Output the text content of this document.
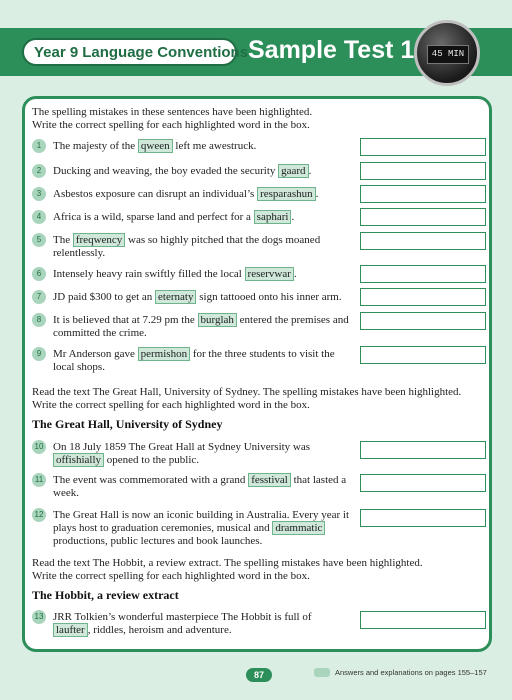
Year 9 Language Conventions Sample Test 1	45 MIN
The spelling mistakes in these sentences have been highlighted.
Write the correct spelling for each highlighted word in the box.
1	The majesty of the qween left me awestruck.
2	Ducking and weaving, the boy evaded the security gaard .
3	Asbestos exposure can disrupt an individual’s resparashun .
4	Africa is a wild, sparse land and perfect for a saphari .
5	The freqwency was so highly pitched that the dogs moaned relentlessly.
6	Intensely heavy rain swiftly filled the local reservwar .
7	JD paid $300 to get an eternaty sign tattooed onto his inner arm.
8	It is believed that at 7.29 pm the burglah entered the premises and committed the crime.
9	Mr Anderson gave permishon for the three students to visit the local shops.
Read the text The Great Hall, University of Sydney. The spelling mistakes have been highlighted.
Write the correct spelling for each highlighted word in the box.
The Great Hall, University of Sydney
10 On 18 July 1859 The Great Hall at Sydney University was offishially opened to the public.
11 The event was commemorated with a grand fesstival that lasted a week.
12 The Great Hall is now an iconic building in Australia. Every year it plays host to graduation ceremonies, musical and drammatic productions, public lectures and book launches.
Read the text The Hobbit, a review extract. The spelling mistakes have been highlighted.
Write the correct spelling for each highlighted word in the box.
The Hobbit, a review extract
13 JRR Tolkien’s wonderful masterpiece The Hobbit is full of laufter , riddles, heroism and adventure.
87	Answers and explanations on pages 155–157
